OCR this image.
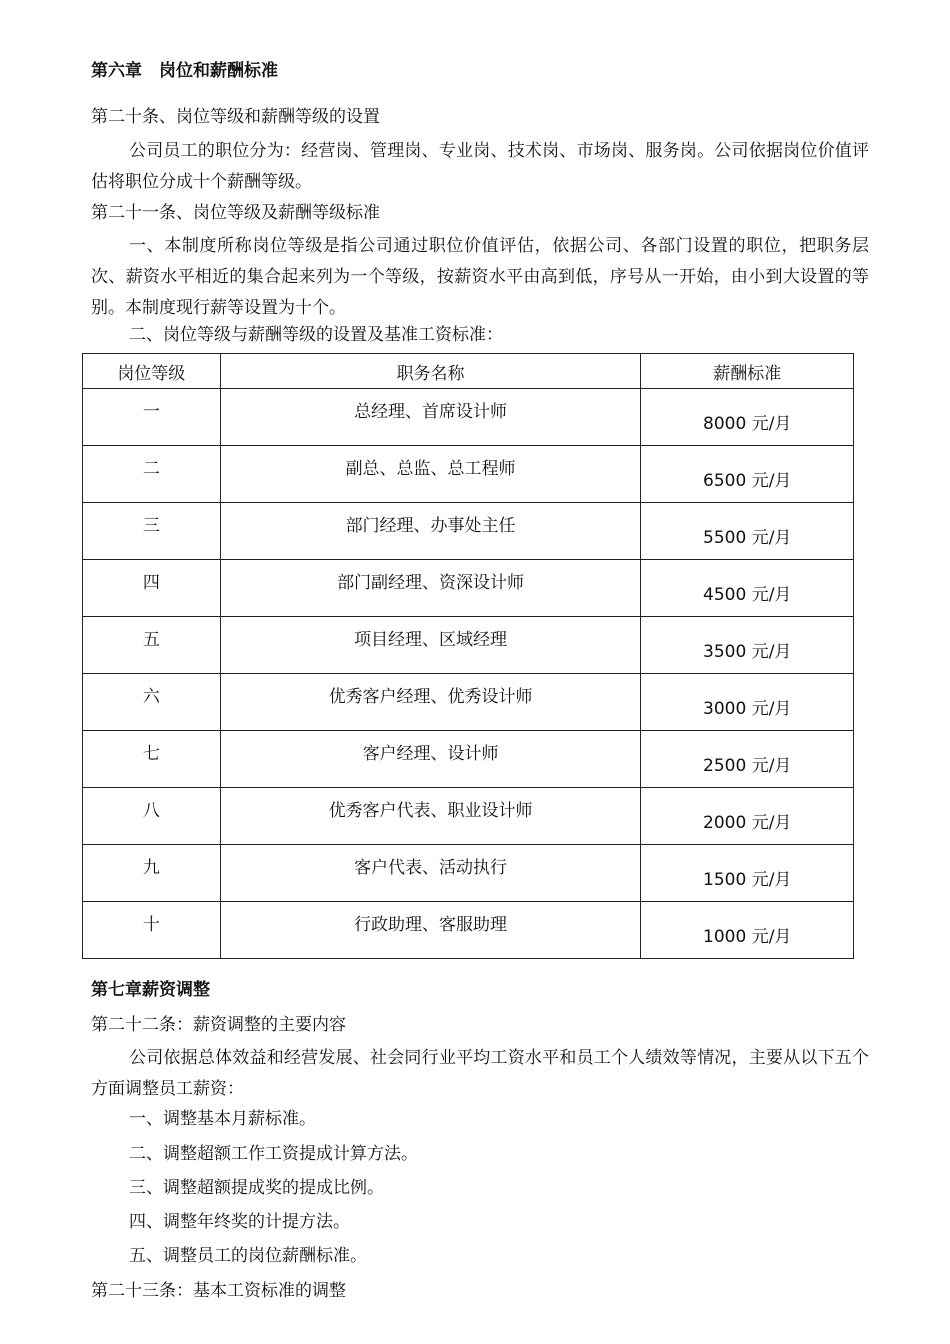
第六章　岗位和薪酬标准
第二十条、岗位等级和薪酬等级的设置
公司员工的职位分为：经营岗、管理岗、专业岗、技术岗、市场岗、服务岗。公司依据岗位价值评估将职位分成十个薪酬等级。
第二十一条、岗位等级及薪酬等级标准
一、本制度所称岗位等级是指公司通过职位价值评估，依据公司、各部门设置的职位，把职务层次、薪资水平相近的集合起来列为一个等级，按薪资水平由高到低，序号从一开始，由小到大设置的等别。本制度现行薪等设置为十个。
二、岗位等级与薪酬等级的设置及基准工资标准：
岗位等级	职务名称	薪酬标准
一	总经理、首席设计师	8000 元/月
二	副总、总监、总工程师	6500 元/月
三	部门经理、办事处主任	5500 元/月
四	部门副经理、资深设计师	4500 元/月
五	项目经理、区域经理	3500 元/月
六	优秀客户经理、优秀设计师	3000 元/月
七	客户经理、设计师	2500 元/月
八	优秀客户代表、职业设计师	2000 元/月
九	客户代表、活动执行	1500 元/月
十	行政助理、客服助理	1000 元/月
第七章薪资调整
第二十二条：薪资调整的主要内容
公司依据总体效益和经营发展、社会同行业平均工资水平和员工个人绩效等情况，主要从以下五个方面调整员工薪资：
一、调整基本月薪标准。
二、调整超额工作工资提成计算方法。
三、调整超额提成奖的提成比例。
四、调整年终奖的计提方法。
五、调整员工的岗位薪酬标准。
第二十三条：基本工资标准的调整
